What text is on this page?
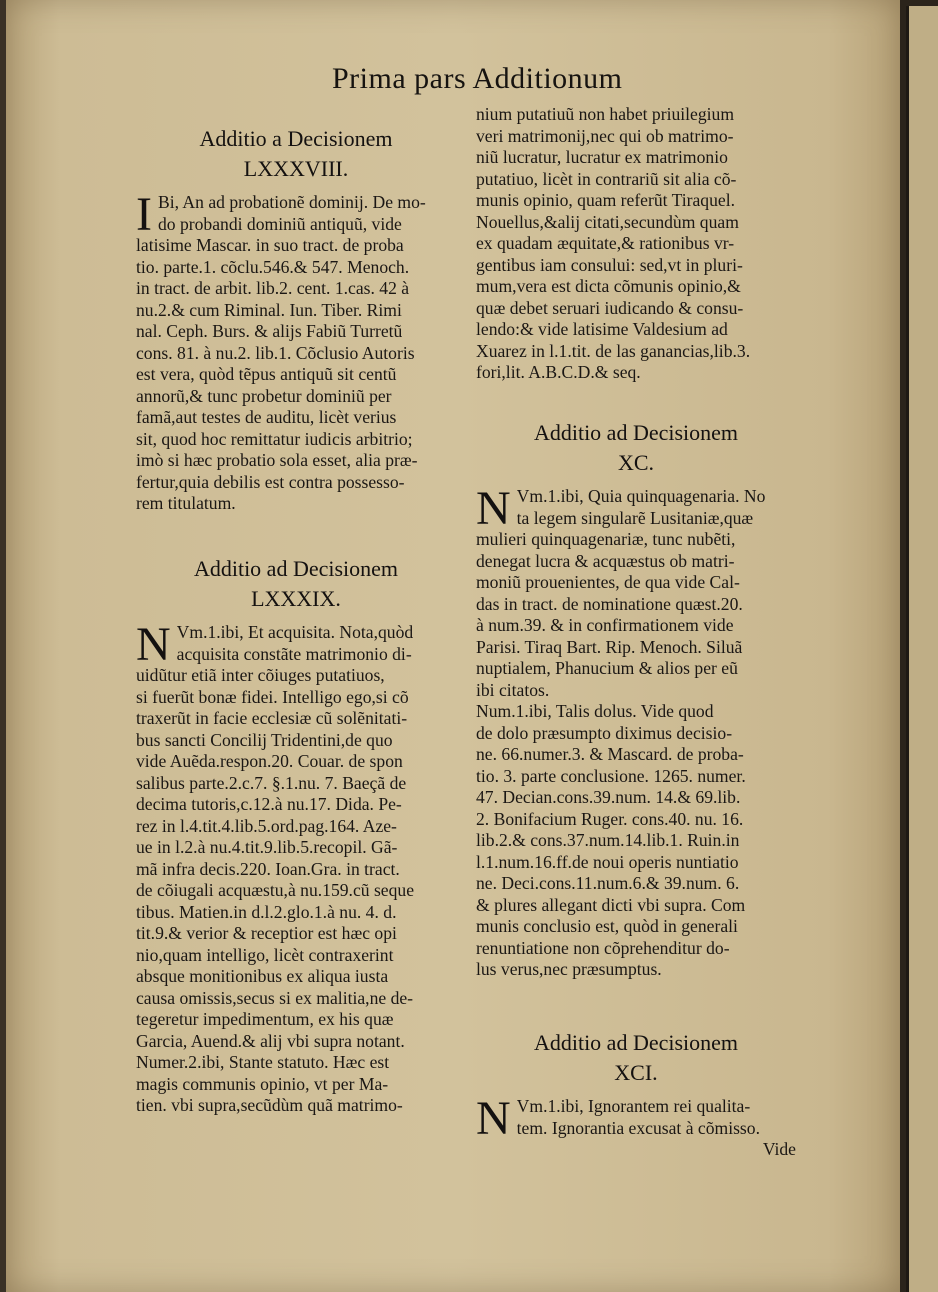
Prima pars Additionum
Additio a Decisionem
LXXXVIII.
I Bi, An ad probationẽ dominij. De mo-
do probandi dominiũ antiquũ, vide
latisime Mascar. in suo tract. de proba
tio. parte.1. cõclu.546.& 547. Menoch.
in tract. de arbit. lib.2. cent. 1.cas. 42 à
nu.2.& cum Riminal. Iun. Tiber. Rimi
nal. Ceph. Burs. & alijs Fabiũ Turretũ
cons. 81. à nu.2. lib.1. Cõclusio Autoris
est vera, quòd tẽpus antiquũ sit centũ
annorũ,& tunc probetur dominiũ per
famã,aut testes de auditu, licèt verius
sit, quod hoc remittatur iudicis arbitrio;
imò si hæc probatio sola esset, alia præ-
fertur,quia debilis est contra possesso-
rem titulatum.
Additio ad Decisionem
LXXXIX.
N Vm.1.ibi, Et acquisita. Nota,quòd
acquisita constãte matrimonio di-
uidũtur etiã inter cõiuges putatiuos,
si fuerũt bonæ fidei. Intelligo ego,si cõ
traxerũt in facie ecclesiæ cũ solẽnitati-
bus sancti Concilij Tridentini,de quo
vide Auẽda.respon.20. Couar. de spon
salibus parte.2.c.7. §.1.nu. 7. Baeçã de
decima tutoris,c.12.à nu.17. Dida. Pe-
rez in l.4.tit.4.lib.5.ord.pag.164. Aze-
ue in l.2.à nu.4.tit.9.lib.5.recopil. Gã-
mã infra decis.220. Ioan.Gra. in tract.
de cõiugali acquæstu,à nu.159.cũ seque
tibus. Matien.in d.l.2.glo.1.à nu. 4. d.
tit.9.& verior & receptior est hæc opi
nio,quam intelligo, licèt contraxerint
absque monitionibus ex aliqua iusta
causa omissis,secus si ex malitia,ne de-
tegeretur impedimentum, ex his quæ
Garcia, Auend.& alij vbi supra notant.
Numer.2.ibi, Stante statuto. Hæc est
magis communis opinio, vt per Ma-
tien. vbi supra,secũdùm quã matrimo-
nium putatiuũ non habet priuilegium
veri matrimonij,nec qui ob matrimo-
niũ lucratur, lucratur ex matrimonio
putatiuo, licèt in contrariũ sit alia cõ-
munis opinio, quam referũt Tiraquel.
Nouellus,&alij citati,secundùm quam
ex quadam æquitate,& rationibus vr-
gentibus iam consului: sed,vt in pluri-
mum,vera est dicta cõmunis opinio,&
quæ debet seruari iudicando & consu-
lendo:& vide latisime Valdesium ad
Xuarez in l.1.tit. de las ganancias,lib.3.
fori,lit. A.B.C.D.& seq.
Additio ad Decisionem
XC.
N Vm.1.ibi, Quia quinquagenaria. No
ta legem singularẽ Lusitaniæ,quæ
mulieri quinquagenariæ, tunc nubẽti,
denegat lucra & acquæstus ob matri-
moniũ prouenientes, de qua vide Cal-
das in tract. de nominatione quæst.20.
à num.39. & in confirmationem vide
Parisi. Tiraq Bart. Rip. Menoch. Siluã
nuptialem, Phanucium & alios per eũ
ibi citatos.
Num.1.ibi, Talis dolus. Vide quod
de dolo præsumpto diximus decisio-
ne. 66.numer.3. & Mascard. de proba-
tio. 3. parte conclusione. 1265. numer.
47. Decian.cons.39.num. 14.& 69.lib.
2. Bonifacium Ruger. cons.40. nu. 16.
lib.2.& cons.37.num.14.lib.1. Ruin.in
l.1.num.16.ff.de noui operis nuntiatio
ne. Deci.cons.11.num.6.& 39.num. 6.
& plures allegant dicti vbi supra. Com
munis conclusio est, quòd in generali
renuntiatione non cõprehenditur do-
lus verus,nec præsumptus.
Additio ad Decisionem
XCI.
N Vm.1.ibi, Ignorantem rei qualita-
tem. Ignorantia excusat à cõmisso.
Vide
